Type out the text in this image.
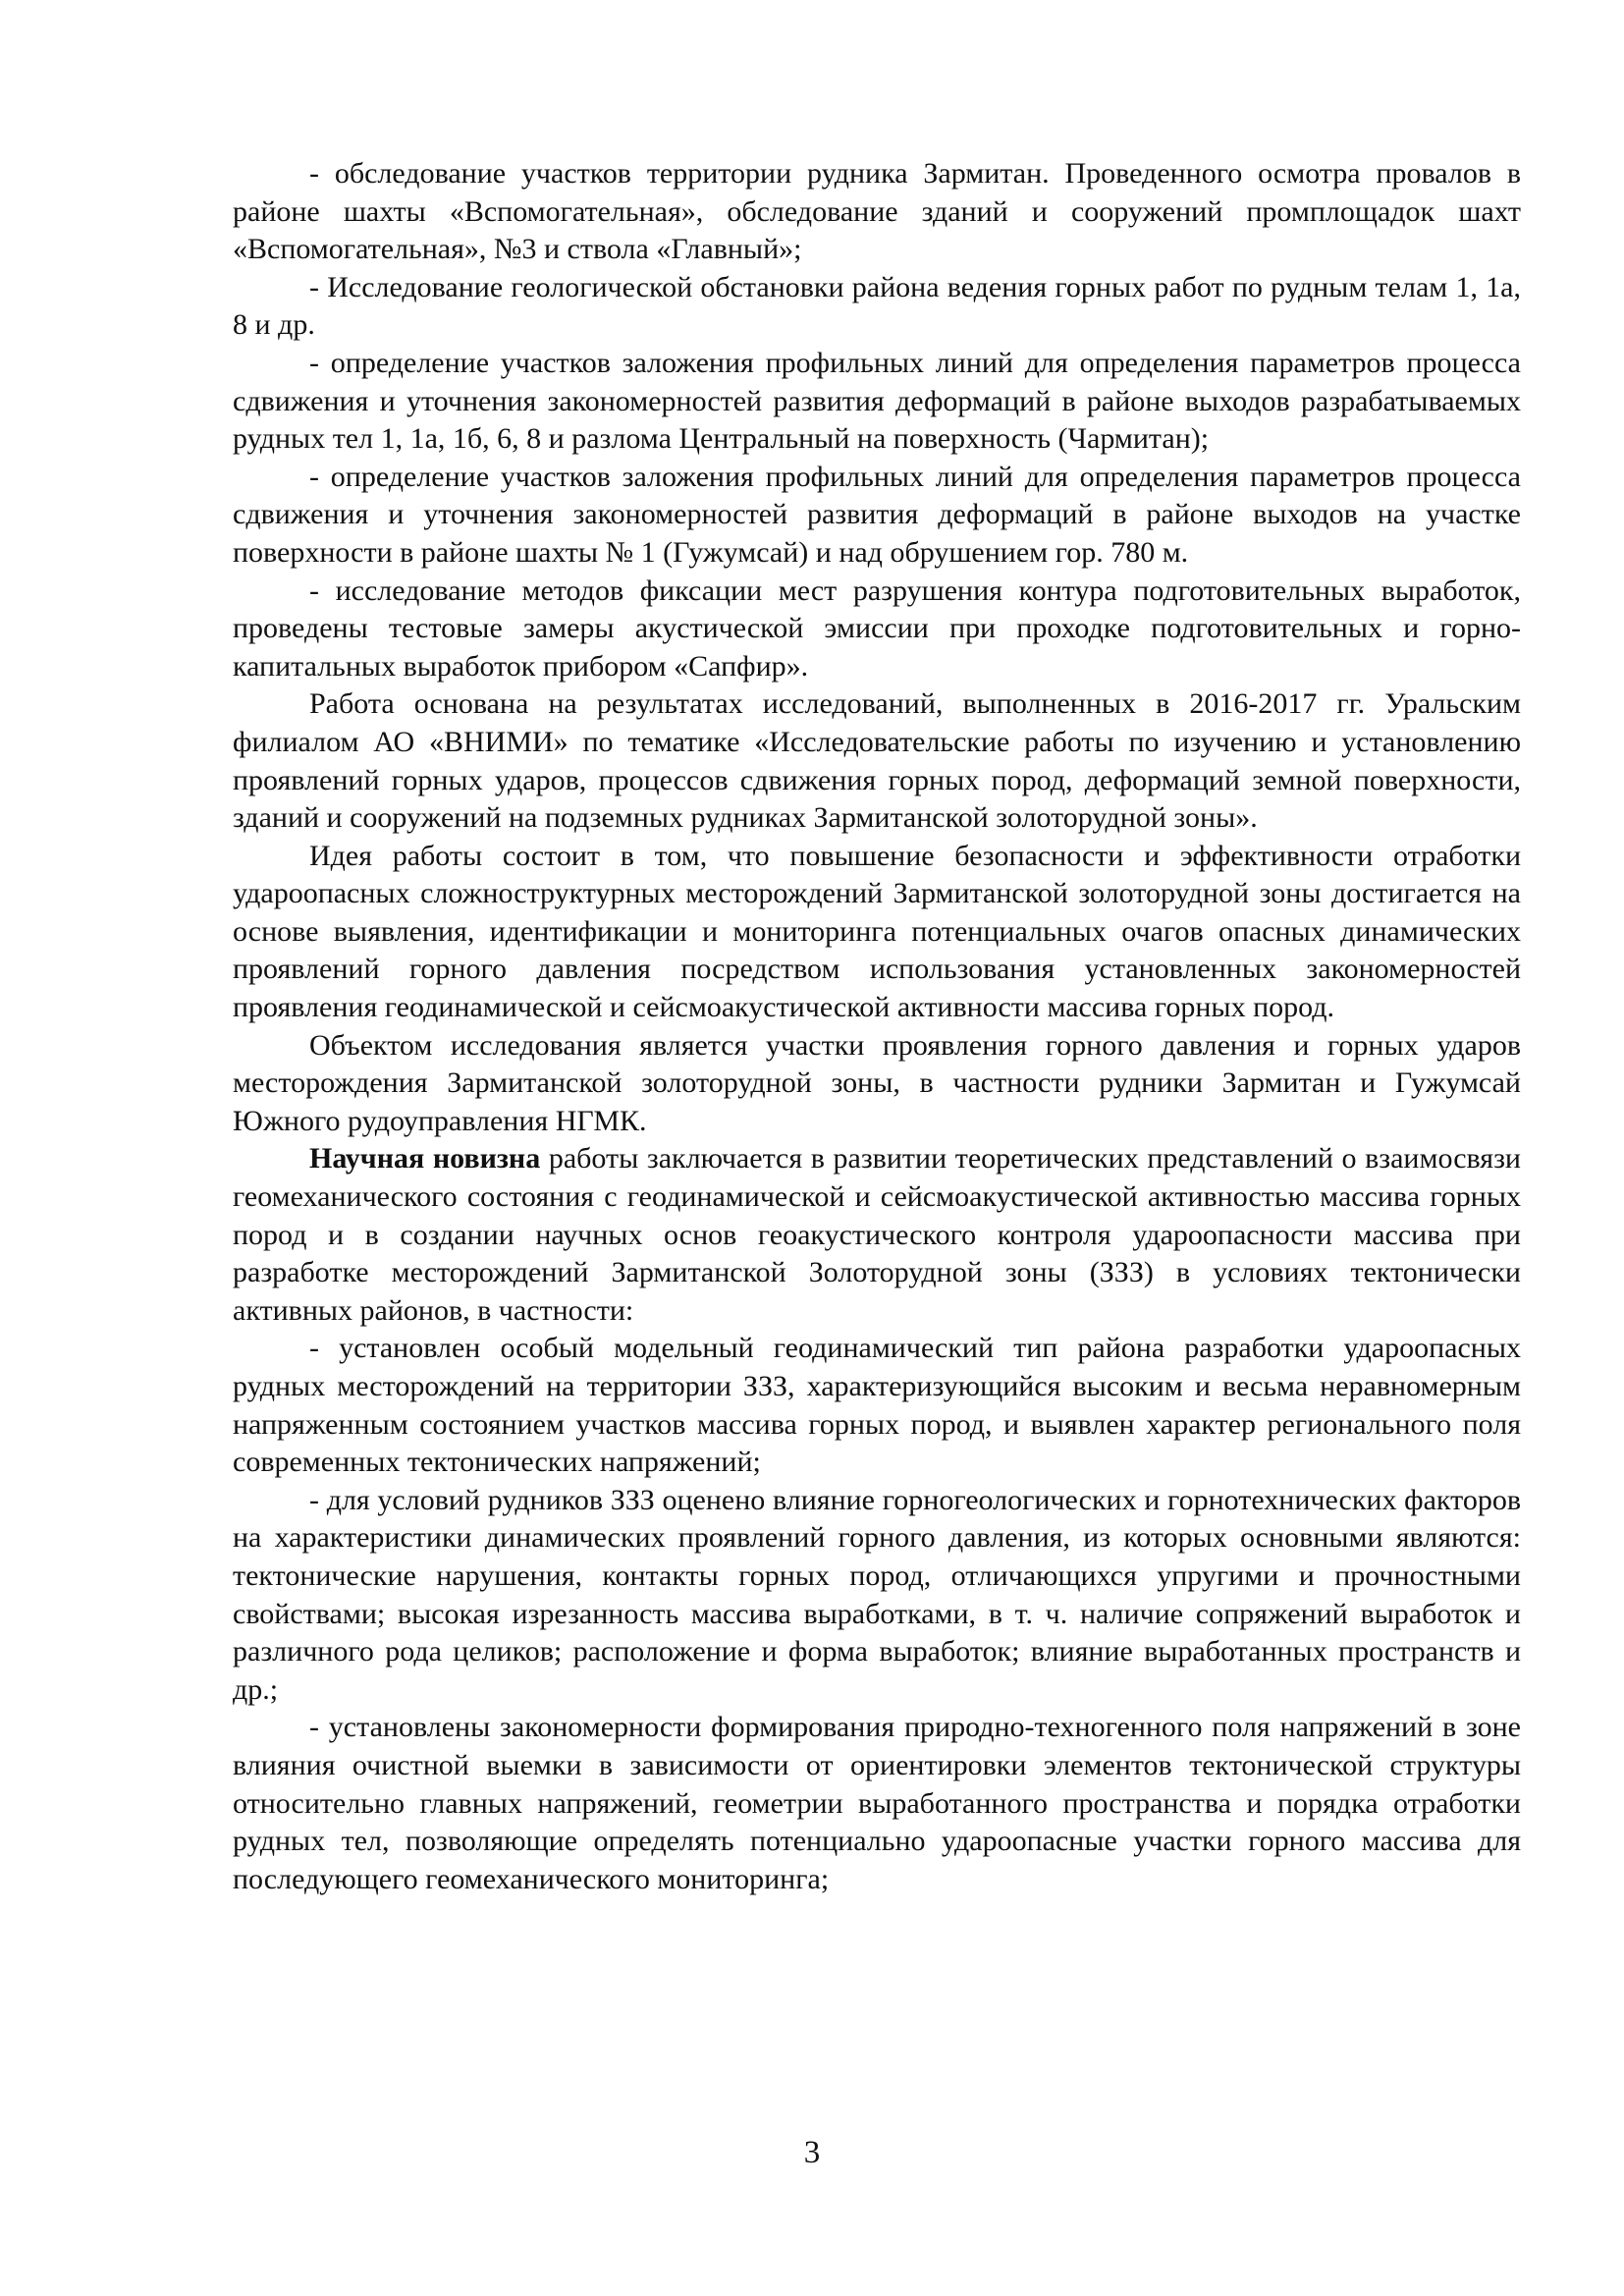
- обследование участков территории рудника Зармитан. Проведенного осмотра провалов в районе шахты «Вспомогательная», обследование зданий и сооружений промплощадок шахт «Вспомогательная», №3 и ствола «Главный»;

- Исследование геологической обстановки района ведения горных работ по рудным телам 1, 1а, 8 и др.

- определение участков заложения профильных линий для определения параметров процесса сдвижения и уточнения закономерностей развития деформаций в районе выходов разрабатываемых рудных тел 1, 1а, 1б, 6, 8 и разлома Центральный на поверхность (Чармитан);

- определение участков заложения профильных линий для определения параметров процесса сдвижения и уточнения закономерностей развития деформаций в районе выходов на участке поверхности в районе шахты № 1 (Гужумсай) и над обрушением гор. 780 м.

- исследование методов фиксации мест разрушения контура подготовительных выработок, проведены тестовые замеры акустической эмиссии при проходке подготовительных и горно-капитальных выработок прибором «Сапфир».

Работа основана на результатах исследований, выполненных в 2016-2017 гг. Уральским филиалом АО «ВНИМИ» по тематике «Исследовательские работы по изучению и установлению проявлений горных ударов, процессов сдвижения горных пород, деформаций земной поверхности, зданий и сооружений на подземных рудниках Зармитанской золоторудной зоны».

Идея работы состоит в том, что повышение безопасности и эффективности отработки удароопасных сложноструктурных месторождений Зармитанской золоторудной зоны достигается на основе выявления, идентификации и мониторинга потенциальных очагов опасных динамических проявлений горного давления посредством использования установленных закономерностей проявления геодинамической и сейсмоакустической активности массива горных пород.

Объектом исследования является участки проявления горного давления и горных ударов месторождения Зармитанской золоторудной зоны, в частности рудники Зармитан и Гужумсай Южного рудоуправления НГМК.

Научная новизна работы заключается в развитии теоретических представлений о взаимосвязи геомеханического состояния с геодинамической и сейсмоакустической активностью массива горных пород и в создании научных основ геоакустического контроля удароопасности массива при разработке месторождений Зармитанской Золоторудной зоны (ЗЗЗ) в условиях тектонически активных районов, в частности:

- установлен особый модельный геодинамический тип района разработки удароопасных рудных месторождений на территории ЗЗЗ, характеризующийся высоким и весьма неравномерным напряженным состоянием участков массива горных пород, и выявлен характер регионального поля современных тектонических напряжений;

- для условий рудников ЗЗЗ оценено влияние горногеологических и горнотехнических факторов на характеристики динамических проявлений горного давления, из которых основными являются: тектонические нарушения, контакты горных пород, отличающихся упругими и прочностными свойствами; высокая изрезанность массива выработками, в т. ч. наличие сопряжений выработок и различного рода целиков; расположение и форма выработок; влияние выработанных пространств и др.;

- установлены закономерности формирования природно-техногенного поля напряжений в зоне влияния очистной выемки в зависимости от ориентировки элементов тектонической структуры относительно главных напряжений, геометрии выработанного пространства и порядка отработки рудных тел, позволяющие определять потенциально удароопасные участки горного массива для последующего геомеханического мониторинга;

3
